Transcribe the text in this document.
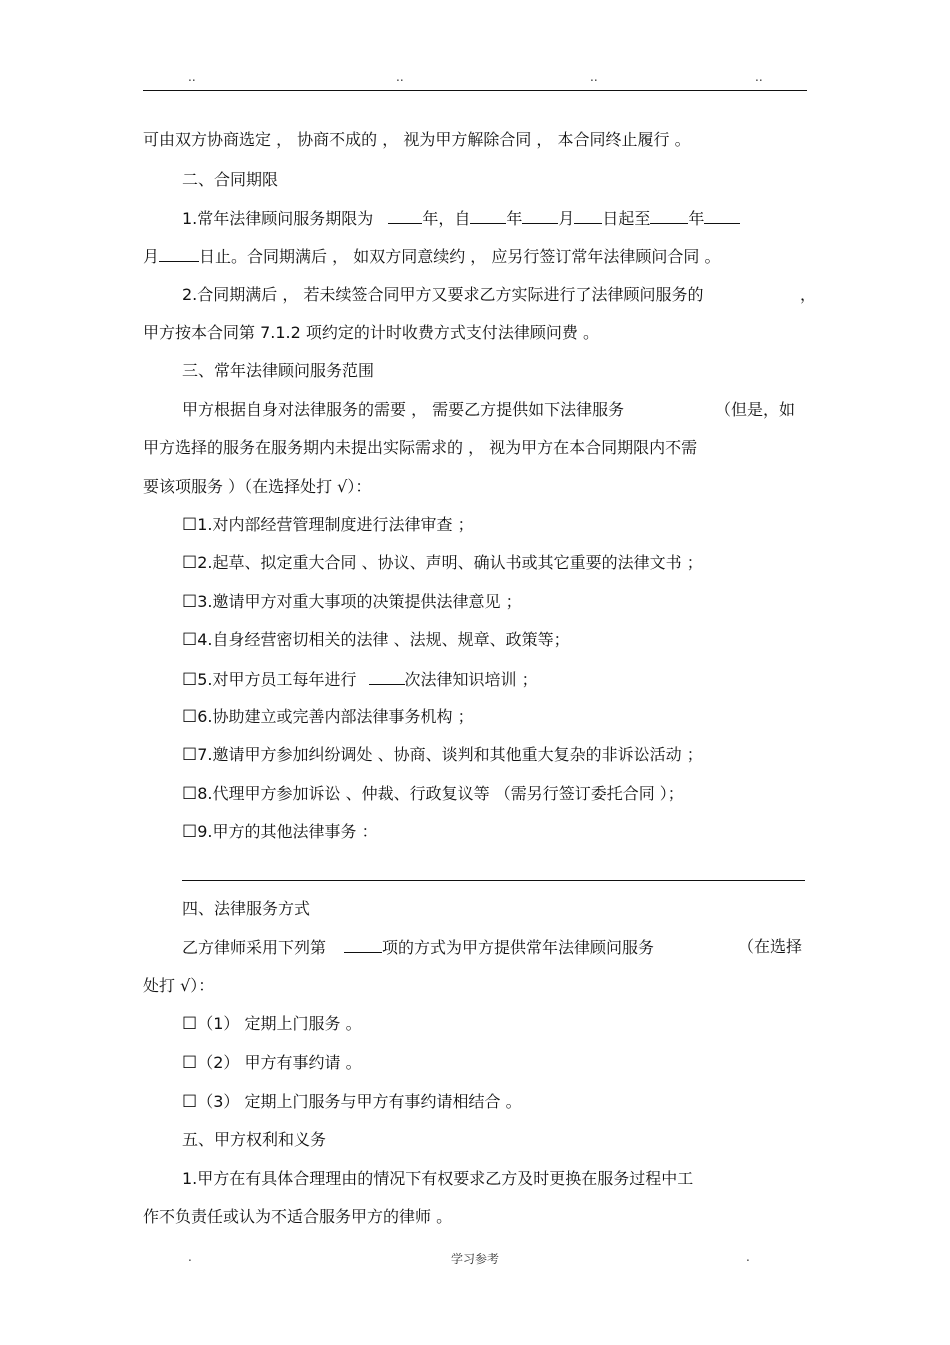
..	..	..	..
可由双方协商选定 ， 协商不成的 ， 视为甲方解除合同 ， 本合同终止履行 。
二、合同期限
1.常年法律顾问服务期限为	年，自 年 月 日起至 年
月	日止。合同期满后 ， 如双方同意续约 ， 应另行签订常年法律顾问合同 。
2.合同期满后 ， 若未续签合同甲方又要求乙方实际进行了法律顾问服务的	，
甲方按本合同第 7.1.2 项约定的计时收费方式支付法律顾问费 。
三、常年法律顾问服务范围
甲方根据自身对法律服务的需要 ， 需要乙方提供如下法律服务	（但是，如
甲方选择的服务在服务期内未提出实际需求的 ， 视为甲方在本合同期限内不需
要该项服务 ）（在选择处打 √）：
☐1.对内部经营管理制度进行法律审查 ；
☐2.起草、拟定重大合同 、协议、声明、确认书或其它重要的法律文书 ；
☐3.邀请甲方对重大事项的决策提供法律意见 ；
☐4.自身经营密切相关的法律 、法规、规章、政策等；
☐5.对甲方员工每年进行	次法律知识培训 ；
☐6.协助建立或完善内部法律事务机构 ；
☐7.邀请甲方参加纠纷调处 、协商、谈判和其他重大复杂的非诉讼活动 ；
☐8.代理甲方参加诉讼 、仲裁、行政复议等 （需另行签订委托合同 ）；
☐9.甲方的其他法律事务 ：
四、法律服务方式
乙方律师采用下列第	项的方式为甲方提供常年法律顾问服务	（在选择
处打 √）：
☐（1） 定期上门服务 。
☐（2） 甲方有事约请 。
☐（3） 定期上门服务与甲方有事约请相结合 。
五、甲方权利和义务
1.甲方在有具体合理理由的情况下有权要求乙方及时更换在服务过程中工
作不负责任或认为不适合服务甲方的律师 。
.	学习参考	.
